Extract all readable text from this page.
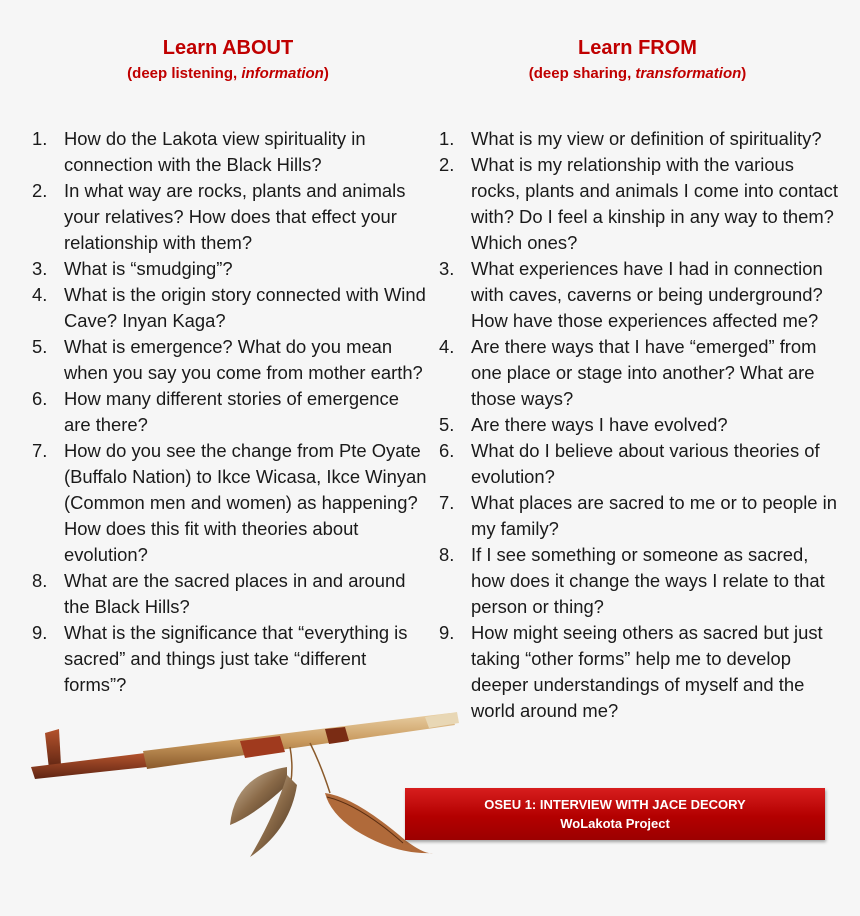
Learn ABOUT
(deep listening, information)
1. How do the Lakota view spirituality in connection with the Black Hills?
2. In what way are rocks, plants and animals your relatives? How does that effect your relationship with them?
3. What is “smudging”?
4. What is the origin story connected with Wind Cave? Inyan Kaga?
5. What is emergence? What do you mean when you say you come from mother earth?
6. How many different stories of emergence are there?
7. How do you see the change from Pte Oyate (Buffalo Nation) to Ikce Wicasa, Ikce Winyan (Common men and women) as happening? How does this fit with theories about evolution?
8. What are the sacred places in and around the Black Hills?
9. What is the significance that “everything is sacred” and things just take “different forms”?
Learn FROM
(deep sharing, transformation)
1. What is my view or definition of spirituality?
2. What is my relationship with the various rocks, plants and animals I come into contact with? Do I feel a kinship in any way to them? Which ones?
3. What experiences have I had in connection with caves, caverns or being underground? How have those experiences affected me?
4. Are there ways that I have “emerged” from one place or stage into another? What are those ways?
5. Are there ways I have evolved?
6. What do I believe about various theories of evolution?
7. What places are sacred to me or to people in my family?
8. If I see something or someone as sacred, how does it change the ways I relate to that person or thing?
9. How might seeing others as sacred but just taking “other forms” help me to develop deeper understandings of myself and the world around me?
OSEU 1: INTERVIEW WITH JACE DECORY
WoLakota Project
